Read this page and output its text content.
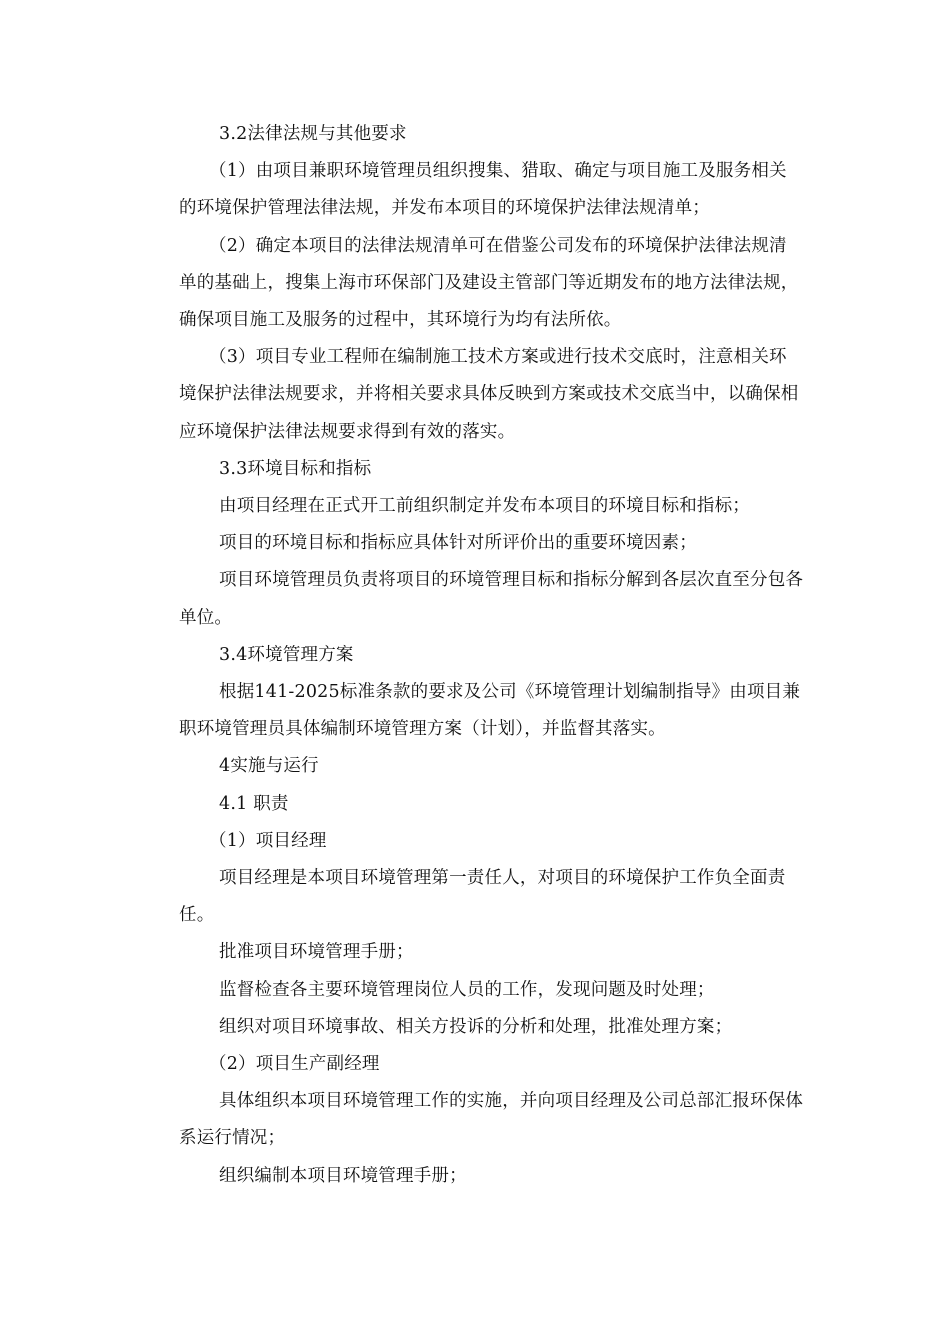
3.2法律法规与其他要求
（1）由项目兼职环境管理员组织搜集、猎取、确定与项目施工及服务相关
的环境保护管理法律法规，并发布本项目的环境保护法律法规清单；
（2）确定本项目的法律法规清单可在借鉴公司发布的环境保护法律法规清
单的基础上，搜集上海市环保部门及建设主管部门等近期发布的地方法律法规，
确保项目施工及服务的过程中，其环境行为均有法所依。
（3）项目专业工程师在编制施工技术方案或进行技术交底时，注意相关环
境保护法律法规要求，并将相关要求具体反映到方案或技术交底当中，以确保相
应环境保护法律法规要求得到有效的落实。
3.3环境目标和指标
由项目经理在正式开工前组织制定并发布本项目的环境目标和指标；
项目的环境目标和指标应具体针对所评价出的重要环境因素；
项目环境管理员负责将项目的环境管理目标和指标分解到各层次直至分包各
单位。
3.4环境管理方案
根据141-2025标准条款的要求及公司《环境管理计划编制指导》由项目兼
职环境管理员具体编制环境管理方案（计划），并监督其落实。
4实施与运行
4.1 职责
（1）项目经理
项目经理是本项目环境管理第一责任人，对项目的环境保护工作负全面责
任。
批准项目环境管理手册；
监督检查各主要环境管理岗位人员的工作，发现问题及时处理；
组织对项目环境事故、相关方投诉的分析和处理，批准处理方案；
（2）项目生产副经理
具体组织本项目环境管理工作的实施，并向项目经理及公司总部汇报环保体
系运行情况；
组织编制本项目环境管理手册；
